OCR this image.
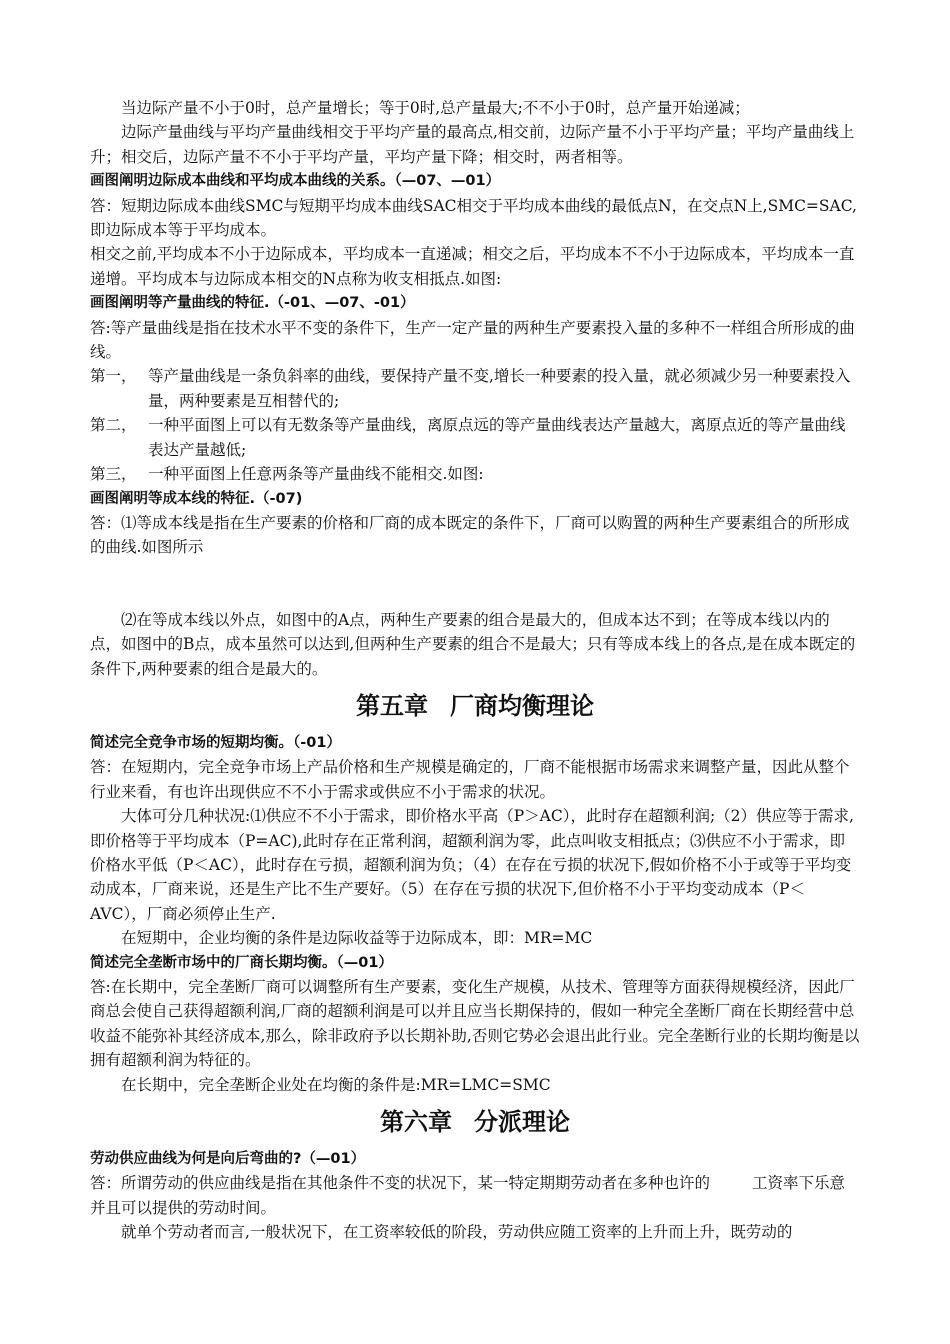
当边际产量不小于0时，总产量增长；等于0时,总产量最大;不不小于0时，总产量开始递减；

边际产量曲线与平均产量曲线相交于平均产量的最高点,相交前，边际产量不小于平均产量；平均产量曲线上升；相交后，边际产量不不小于平均产量，平均产量下降；相交时，两者相等。

画图阐明边际成本曲线和平均成本曲线的关系。（—07、—01）

答：短期边际成本曲线SMC与短期平均成本曲线SAC相交于平均成本曲线的最低点N，在交点N上,SMC=SAC,即边际成本等于平均成本。

相交之前,平均成本不小于边际成本，平均成本一直递减；相交之后，平均成本不不小于边际成本，平均成本一直递增。平均成本与边际成本相交的N点称为收支相抵点.如图:

画图阐明等产量曲线的特征.（-01、—07、-01）

答:等产量曲线是指在技术水平不变的条件下，生产一定产量的两种生产要素投入量的多种不一样组合所形成的曲线。

第一， 等产量曲线是一条负斜率的曲线，要保持产量不变,增长一种要素的投入量，就必须减少另一种要素投入量，两种要素是互相替代的;
第二， 一种平面图上可以有无数条等产量曲线，离原点远的等产量曲线表达产量越大，离原点近的等产量曲线表达产量越低;
第三， 一种平面图上任意两条等产量曲线不能相交.如图:

画图阐明等成本线的特征.（-07)

答：⑴等成本线是指在生产要素的价格和厂商的成本既定的条件下，厂商可以购置的两种生产要素组合的所形成的曲线.如图所示

⑵在等成本线以外点，如图中的A点，两种生产要素的组合是最大的，但成本达不到；在等成本线以内的点，如图中的B点，成本虽然可以达到,但两种生产要素的组合不是最大；只有等成本线上的各点,是在成本既定的条件下,两种要素的组合是最大的。

第五章 厂商均衡理论

简述完全竞争市场的短期均衡。（-01）

答：在短期内，完全竞争市场上产品价格和生产规模是确定的，厂商不能根据市场需求来调整产量，因此从整个行业来看，有也许出现供应不不小于需求或供应不小于需求的状况。

大体可分几种状况:⑴供应不不小于需求，即价格水平高（P＞AC），此时存在超额利润;（2）供应等于需求,即价格等于平均成本（P=AC),此时存在正常利润，超额利润为零，此点叫收支相抵点；⑶供应不小于需求，即价格水平低（P＜AC），此时存在亏损，超额利润为负；（4）在存在亏损的状况下,假如价格不小于或等于平均变动成本，厂商来说，还是生产比不生产要好。（5）在存在亏损的状况下,但价格不小于平均变动成本（P＜AVC），厂商必须停止生产.

在短期中，企业均衡的条件是边际收益等于边际成本，即：MR=MC

简述完全垄断市场中的厂商长期均衡。（—01）

答:在长期中，完全垄断厂商可以调整所有生产要素，变化生产规模，从技术、管理等方面获得规模经济，因此厂商总会使自己获得超额利润,厂商的超额利润是可以并且应当长期保持的，假如一种完全垄断厂商在长期经营中总收益不能弥补其经济成本,那么，除非政府予以长期补助,否则它势必会退出此行业。完全垄断行业的长期均衡是以拥有超额利润为特征的。

在长期中，完全垄断企业处在均衡的条件是:MR=LMC=SMC

第六章 分派理论

劳动供应曲线为何是向后弯曲的?（—01）

答：所谓劳动的供应曲线是指在其他条件不变的状况下，某一特定期期劳动者在多种也许的	工资率下乐意并且可以提供的劳动时间。

就单个劳动者而言,一般状况下，在工资率较低的阶段，劳动供应随工资率的上升而上升，既劳动的
